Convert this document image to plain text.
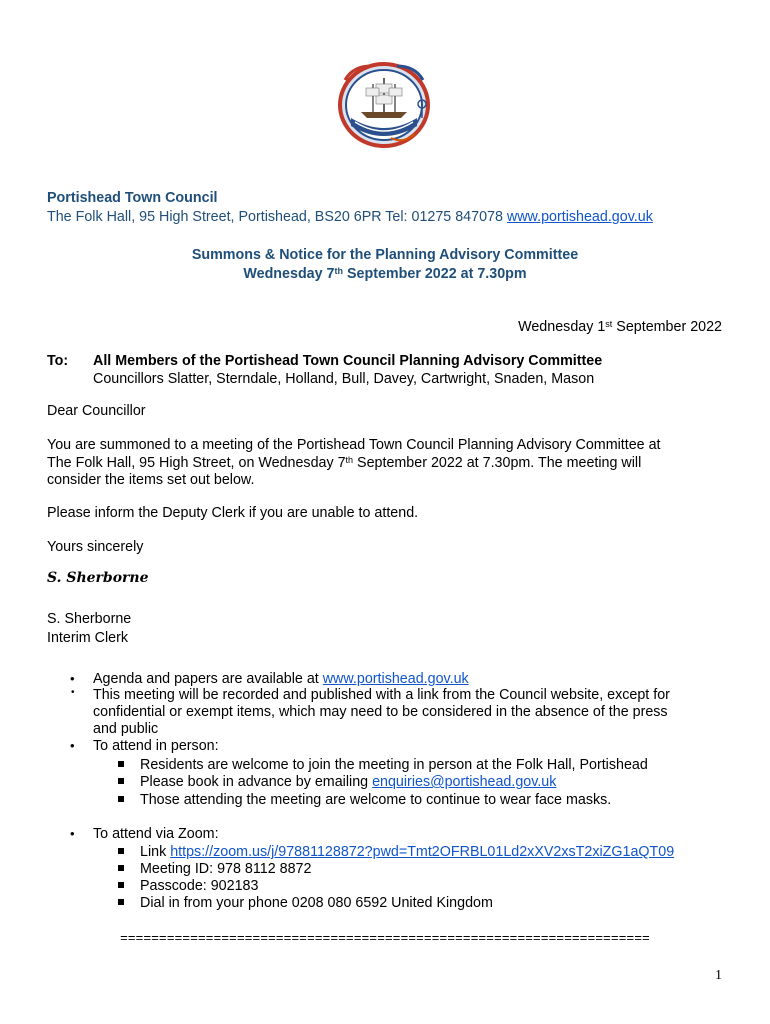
Portishead Town Council
The Folk Hall, 95 High Street, Portishead, BS20 6PR Tel: 01275 847078 www.portishead.gov.uk
Summons & Notice for the Planning Advisory Committee
Wednesday 7th September 2022 at 7.30pm
Wednesday 1st September 2022
To: All Members of the Portishead Town Council Planning Advisory Committee
Councillors Slatter, Sterndale, Holland, Bull, Davey, Cartwright, Snaden, Mason
Dear Councillor
You are summoned to a meeting of the Portishead Town Council Planning Advisory Committee at
The Folk Hall, 95 High Street, on Wednesday 7th September 2022 at 7.30pm. The meeting will
consider the items set out below.
Please inform the Deputy Clerk if you are unable to attend.
Yours sincerely
S. Sherborne
S. Sherborne
Interim Clerk
• Agenda and papers are available at www.portishead.gov.uk
• This meeting will be recorded and published with a link from the Council website, except for
confidential or exempt items, which may need to be considered in the absence of the press
and public
• To attend in person:
Residents are welcome to join the meeting in person at the Folk Hall, Portishead
Please book in advance by emailing enquiries@portishead.gov.uk
Those attending the meeting are welcome to continue to wear face masks.
• To attend via Zoom:
Link https://zoom.us/j/97881128872?pwd=Tmt2OFRBL01Ld2xXV2xsT2xiZG1aQT09
Meeting ID: 978 8112 8872
Passcode: 902183
Dial in from your phone 0208 080 6592 United Kingdom
====================================================================
1
